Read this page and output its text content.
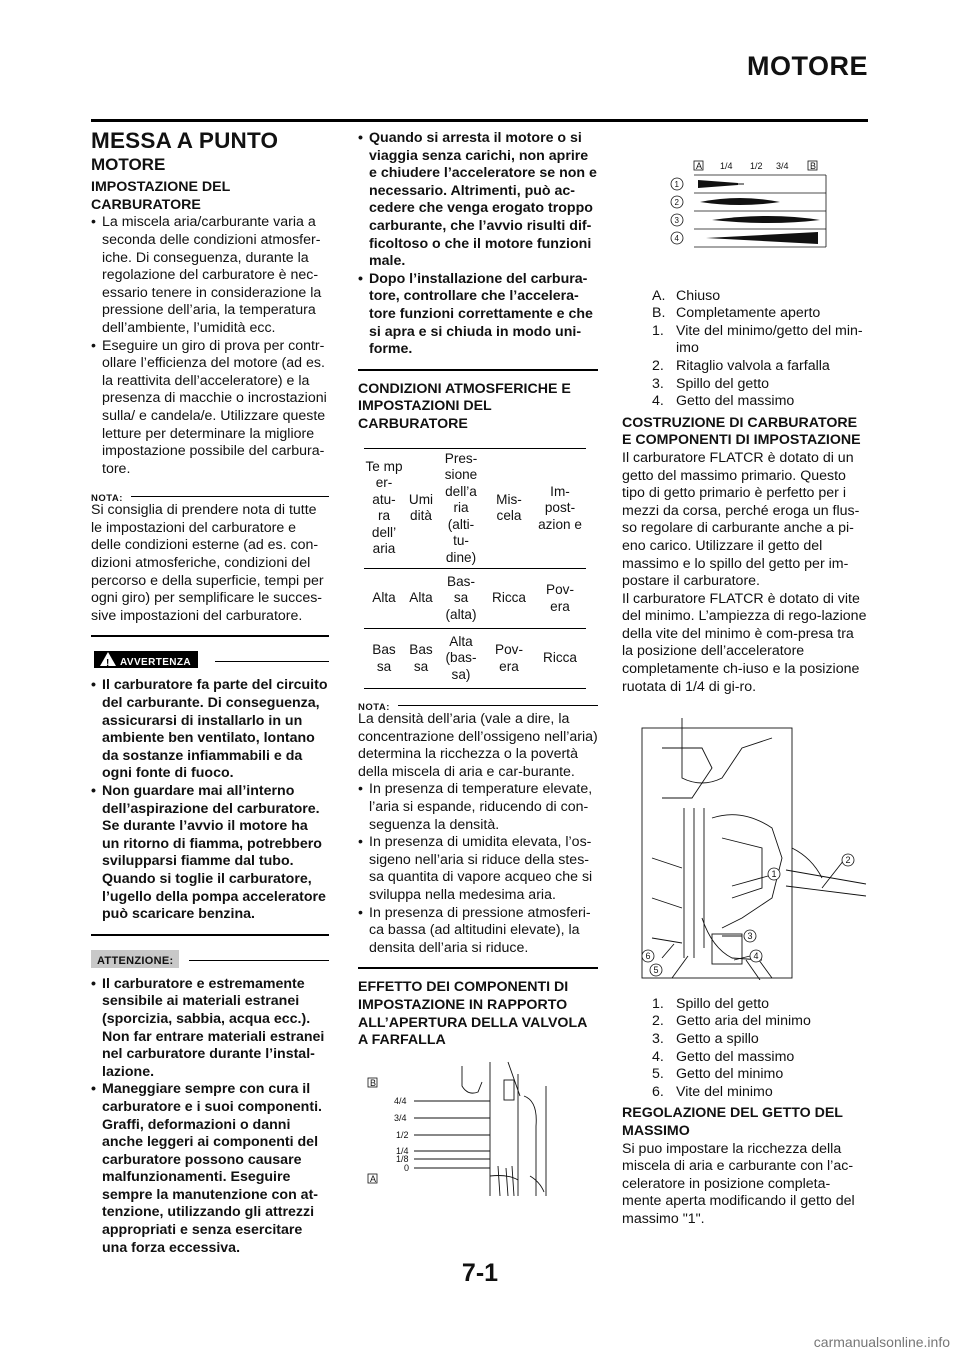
MOTORE
MESSA A PUNTO
MOTORE
IMPOSTAZIONE DEL CARBURATORE
• La miscela aria/carburante varia a seconda delle condizioni atmosfer-iche. Di conseguenza, durante la regolazione del carburatore è nec-essario tenere in considerazione la pressione dell’aria, la temperatura dell’ambiente, l’umidità ecc.
• Eseguire un giro di prova per contr-ollare l’efficienza del motore (ad es. la reattivita dell’acceleratore) e la presenza di macchie o incrostazioni sulla/ e candela/e. Utilizzare queste letture per determinare la migliore impostazione possibile del carbura-tore.
NOTA:

Si consiglia di prendere nota di tutte le impostazioni del carburatore e delle condizioni esterne (ad es. con-dizioni atmosferiche, condizioni del percorso e della superficie, tempi per ogni giro) per semplificare le succes-sive impostazioni del carburatore.

! AVVERTENZA
• Il carburatore fa parte del circuito del carburante. Di conseguenza, assicurarsi di installarlo in un ambiente ben ventilato, lontano da sostanze infiammabili e da ogni fonte di fuoco.
• Non guardare mai all’interno dell’aspirazione del carburatore. Se durante l’avvio il motore ha un ritorno di fiamma, potrebbero svilupparsi fiamme dal tubo. Quando si toglie il carburatore, l’ugello della pompa acceleratore può scaricare benzina.
ATTENZIONE:
• Il carburatore e estremamente sensibile ai materiali estranei (sporcizia, sabbia, acqua ecc.). Non far entrare materiali estranei nel carburatore durante l’instal-lazione.
• Maneggiare sempre con cura il carburatore e i suoi componenti. Graffi, deformazioni o danni anche leggeri ai componenti del carburatore possono causare malfunzionamenti. Eseguire sempre la manutenzione con at-tenzione, utilizzando gli attrezzi appropriati e senza esercitare una forza eccessiva.
• Quando si arresta il motore o si viaggia senza carichi, non aprire e chiudere l’acceleratore se non e necessario. Altrimenti, può ac-cedere che venga erogato troppo carburante, che l’avvio risulti dif-ficoltoso o che il motore funzioni male.
• Dopo l’installazione del carbura-tore, controllare che l’accelera-tore funzioni correttamente e che si apra e si chiuda in modo uni-forme.
CONDIZIONI ATMOSFERICHE E IMPOSTAZIONI DEL CARBURATORE
Te mp er- atu- ra dell’ aria	Umi dità	Pres- sione dell’a ria (alti- tu- dine)	Mis- cela	Im- post- azion e
Alta	Alta	Bas- sa (alta)	Ricca	Pov- era
Bas sa	Bas sa	Alta (bas- sa)	Pov- era	Ricca
NOTA:

La densità dell’aria (vale a dire, la concentrazione dell’ossigeno nell’aria) determina la ricchezza o la povertà della miscela di aria e car-burante.

• In presenza di temperature elevate, l’aria si espande, riducendo di con-seguenza la densità.
• In presenza di umidita elevata, l’os-sigeno nell’aria si riduce della stes-sa quantita di vapore acqueo che si sviluppa nella medesima aria.
• In presenza di pressione atmosferi-ca bassa (ad altitudini elevate), la densita dell’aria si riduce.
EFFETTO DEI COMPONENTI DI IMPOSTAZIONE IN RAPPORTO ALL’APERTURA DELLA VALVOLA A FARFALLA
B
A
4/4
3/4
1/2
1/4
1/8
0
A 1/4 1/2 3/4 B
1
2
3
4
A. Chiuso
B. Completamente aperto
1. Vite del minimo/getto del min-imo
2. Ritaglio valvola a farfalla
3. Spillo del getto
4. Getto del massimo
COSTRUZIONE DI CARBURATORE E COMPONENTI DI IMPOSTAZIONE

Il carburatore FLATCR è dotato di un getto del massimo primario. Questo tipo di getto primario è perfetto per i mezzi da corsa, perché eroga un flus-so regolare di carburante anche a pi-eno carico. Utilizzare il getto del massimo e lo spillo del getto per im-postare il carburatore.

Il carburatore FLATCR è dotato di vite del minimo. L’ampiezza di rego-lazione della vite del minimo è com-presa tra la posizione dell’acceleratore completamente ch-iuso e la posizione ruotata di 1/4 di gi-ro.

1
2
3
4
5
6
1. Spillo del getto
2. Getto aria del minimo
3. Getto a spillo
4. Getto del massimo
5. Getto del minimo
6. Vite del minimo
REGOLAZIONE DEL GETTO DEL MASSIMO

Si puo impostare la ricchezza della miscela di aria e carburante con l’ac-celeratore in posizione completa-mente aperta modificando il getto del massimo "1".

7-1
carmanualsonline.info
